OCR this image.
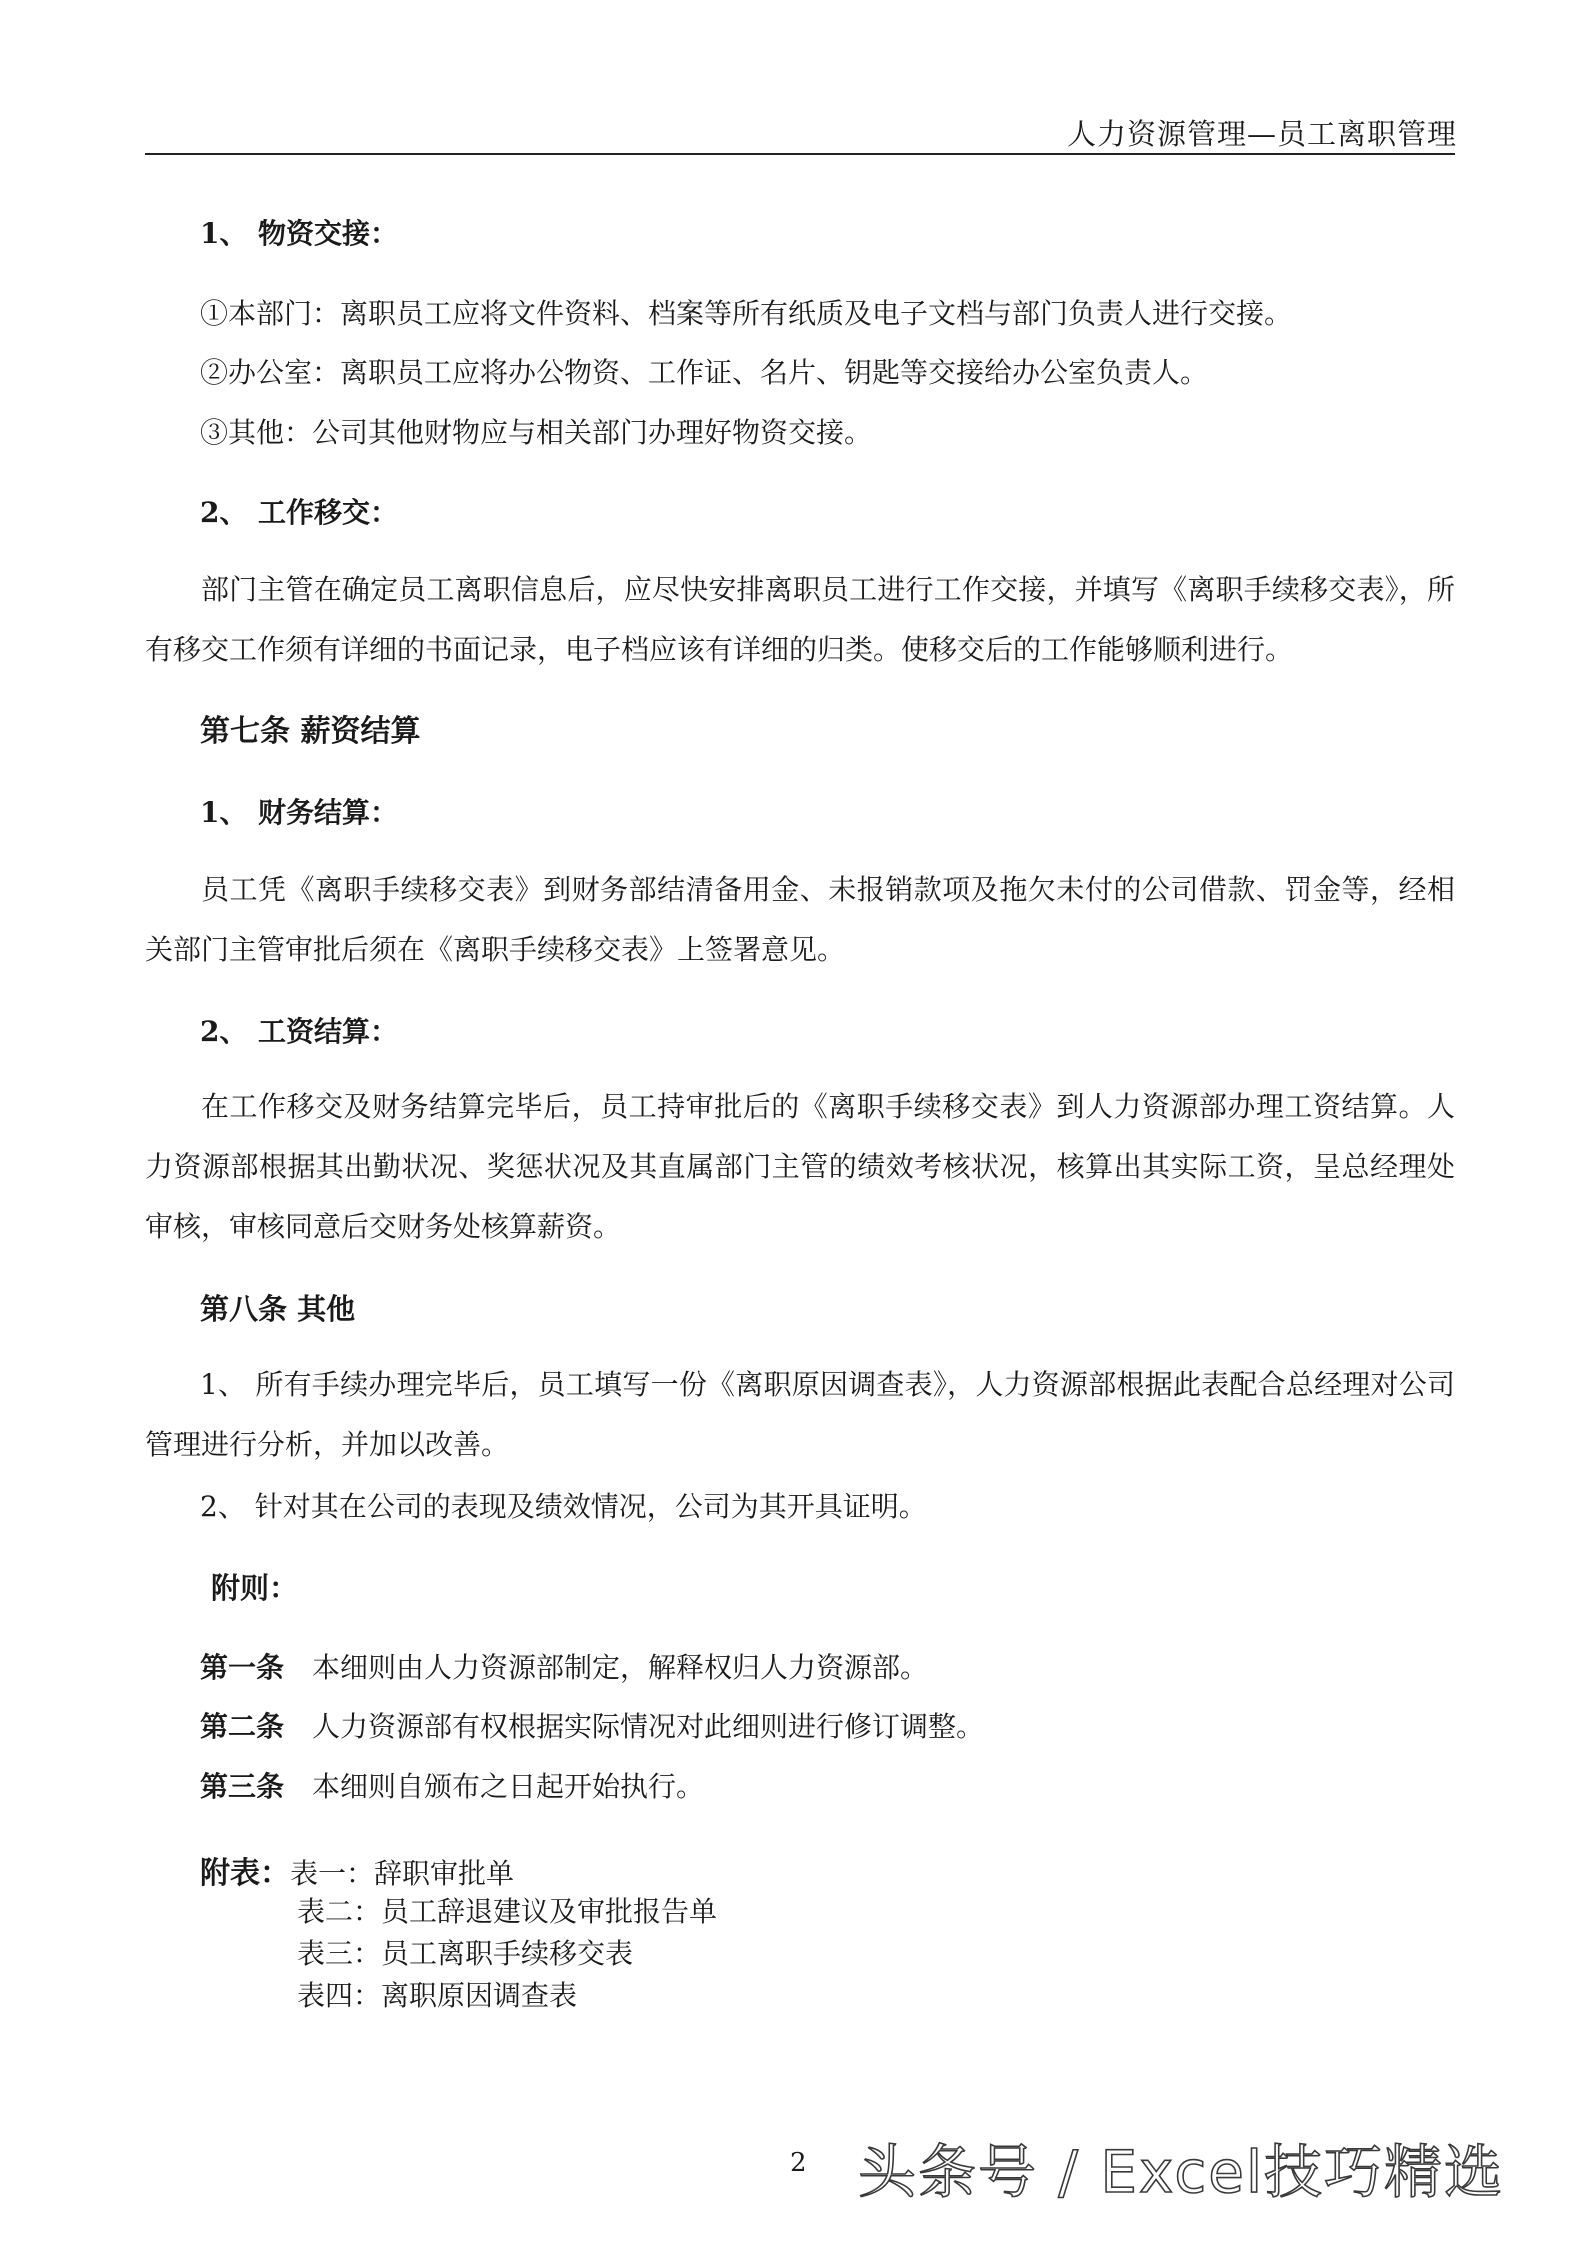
人力资源管理—员工离职管理
1、 物资交接：
①本部门：离职员工应将文件资料、档案等所有纸质及电子文档与部门负责人进行交接。
②办公室：离职员工应将办公物资、工作证、名片、钥匙等交接给办公室负责人。
③其他：公司其他财物应与相关部门办理好物资交接。
2、 工作移交：
部门主管在确定员工离职信息后，应尽快安排离职员工进行工作交接，并填写《离职手续移交表》，所有移交工作须有详细的书面记录，电子档应该有详细的归类。使移交后的工作能够顺利进行。
第七条 薪资结算
1、 财务结算：
员工凭《离职手续移交表》到财务部结清备用金、未报销款项及拖欠未付的公司借款、罚金等，经相关部门主管审批后须在《离职手续移交表》上签署意见。
2、 工资结算：
在工作移交及财务结算完毕后，员工持审批后的《离职手续移交表》到人力资源部办理工资结算。人力资源部根据其出勤状况、奖惩状况及其直属部门主管的绩效考核状况，核算出其实际工资，呈总经理处审核，审核同意后交财务处核算薪资。
第八条 其他
1、 所有手续办理完毕后，员工填写一份《离职原因调查表》，人力资源部根据此表配合总经理对公司管理进行分析，并加以改善。
2、 针对其在公司的表现及绩效情况，公司为其开具证明。
附则：
第一条 本细则由人力资源部制定，解释权归人力资源部。
第二条 人力资源部有权根据实际情况对此细则进行修订调整。
第三条 本细则自颁布之日起开始执行。
附表：表一：辞职审批单
表二：员工辞退建议及审批报告单
表三：员工离职手续移交表
表四：离职原因调查表
2 头条号 / Excel技巧精选
